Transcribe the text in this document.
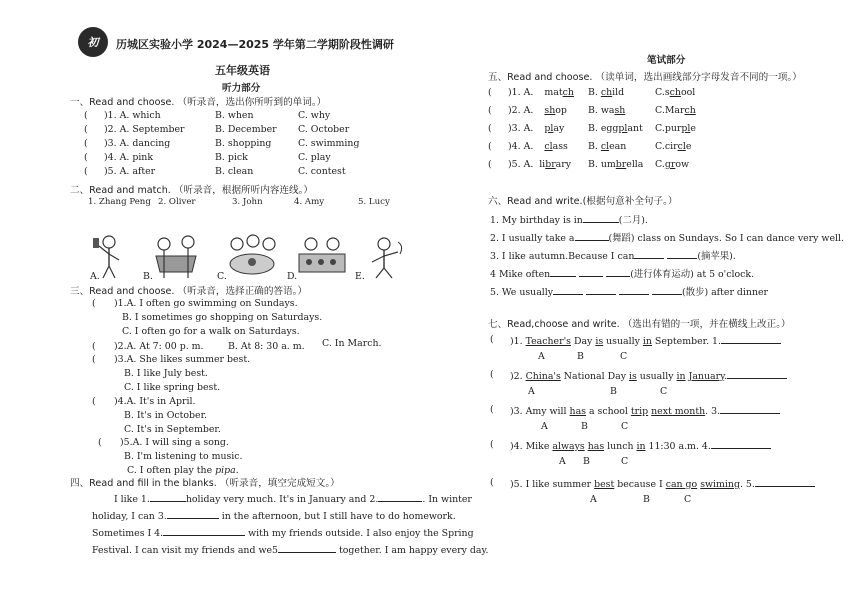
初 历城区实验小学 2024—2025 学年第二学期阶段性调研
五年级英语
听力部分
笔试部分
一、Read and choose. （听录音，选出你所听到的单词。）
( )1. A. which	B. when	C. why
( )2. A. September	B. December C. October
( )3. A. dancing	B. shopping	C. swimming
( )4. A. pink	B. pick	C. play
( )5. A. after	B. clean	C. contest
二、Read and match. （听录音，根据所听内容连线。）
1. Zhang Peng 2. Oliver	3. John	4. Amy	5. Lucy
A.	B.	C.	D.	E.
三、Read and choose. （听录音，选择正确的答语。）
( )1.A. I often go swimming on Sundays.
B. I sometimes go shopping on Saturdays.
C. I often go for a walk on Saturdays.
( )2.A. At 7: 00 p. m.	B. At 8: 30 a. m. C. In March.
( )3.A. She likes summer best.
B. I like July best.
C. I like spring best.
( )4.A. It's in April.
B. It's in October.
C. It's in September.
( )5.A. I will sing a song.
B. I'm listening to music.
C. I often play the pipa.
四、Read and fill in the blanks. （听录音，填空完成短文。）
I like 1.	holiday very much. It's in January and 2.	. In winter
holiday, I can 3.	in the afternoon, but I still have to do homework.
Sometimes I 4.	with my friends outside. I also enjoy the Spring
Festival. I can visit my friends and we5	together. I am happy every day.
五、Read and choose. （读单词，选出画线部分字母发音不同的一项。）
( )1. A. match B. child	C.school
( )2. A. shop B. wash	C.March
( )3. A. play	B. eggplant C.purple
( )4. A. class B. clean	C.circle
( )5. A. library B. umbrella C.grow
六、Read and write.(根据句意补全句子。）
1. My birthday is in	(二月).
2. I usually take a	(舞蹈) class on Sundays. So I can dance very well.
3. I like autumn.Because I can	(摘苹果).
4 Mike often	(进行体育运动) at 5 o'clock.
5. We usually	(散步) after dinner
七、Read,choose and write. （选出有错的一项，并在横线上改正。）
( )1. Teacher's Day is usually in September. 1.
A	B	C
( )2. China's National Day is usually in January.
A	B	C
( )3. Amy will has a school trip next month. 3.
A	B	C
( )4. Mike always has lunch in 11:30 a.m. 4.
A B	C
( )5. I like summer best because I can go swiming. 5.
A	B	C
